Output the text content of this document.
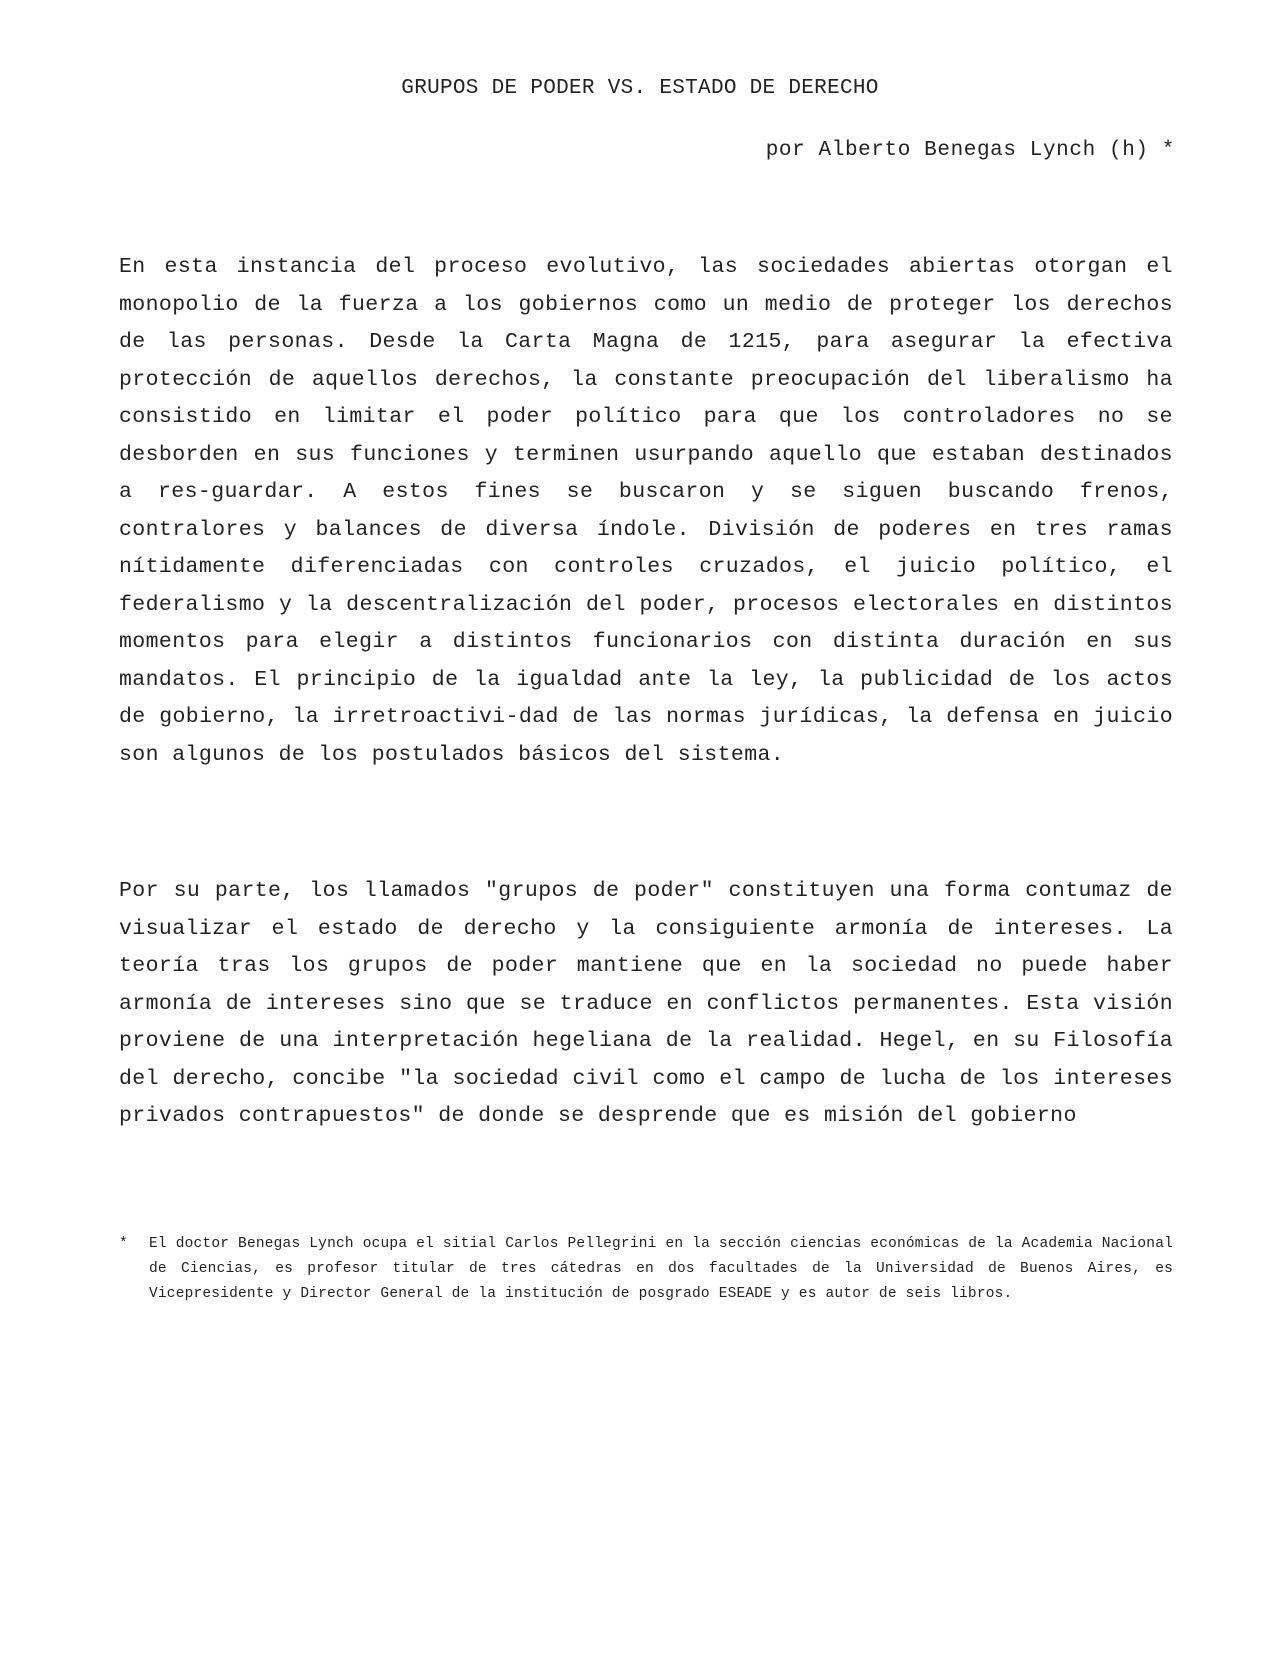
GRUPOS DE PODER VS. ESTADO DE DERECHO

por Alberto Benegas Lynch (h) *

En esta instancia del proceso evolutivo, las sociedades abiertas otorgan el monopolio de la fuerza a los gobiernos como un medio de proteger los derechos de las personas. Desde la Carta Magna de 1215, para asegurar la efectiva protección de aquellos derechos, la constante preocupación del liberalismo ha consistido en limitar el poder político para que los controladores no se desborden en sus funciones y terminen usurpando aquello que estaban destinados a res-guardar. A estos fines se buscaron y se siguen buscando frenos, contralores y balances de diversa índole. División de poderes en tres ramas nítidamente diferenciadas con controles cruzados, el juicio político, el federalismo y la descentralización del poder, procesos electorales en distintos momentos para elegir a distintos funcionarios con distinta duración en sus mandatos. El principio de la igualdad ante la ley, la publicidad de los actos de gobierno, la irretroactivi-dad de las normas jurídicas, la defensa en juicio son algunos de los postulados básicos del sistema.

Por su parte, los llamados "grupos de poder" constituyen una forma contumaz de visualizar el estado de derecho y la consiguiente armonía de intereses. La teoría tras los grupos de poder mantiene que en la sociedad no puede haber armonía de intereses sino que se traduce en conflictos permanentes. Esta visión proviene de una interpretación hegeliana de la realidad. Hegel, en su Filosofía del derecho, concibe "la sociedad civil como el campo de lucha de los intereses privados contrapuestos" de donde se desprende que es misión del gobierno

* El doctor Benegas Lynch ocupa el sitial Carlos Pellegrini en la sección ciencias económicas de la Academia Nacional de Ciencias, es profesor titular de tres cátedras en dos facultades de la Universidad de Buenos Aires, es Vicepresidente y Director General de la institución de posgrado ESEADE y es autor de seis libros.
